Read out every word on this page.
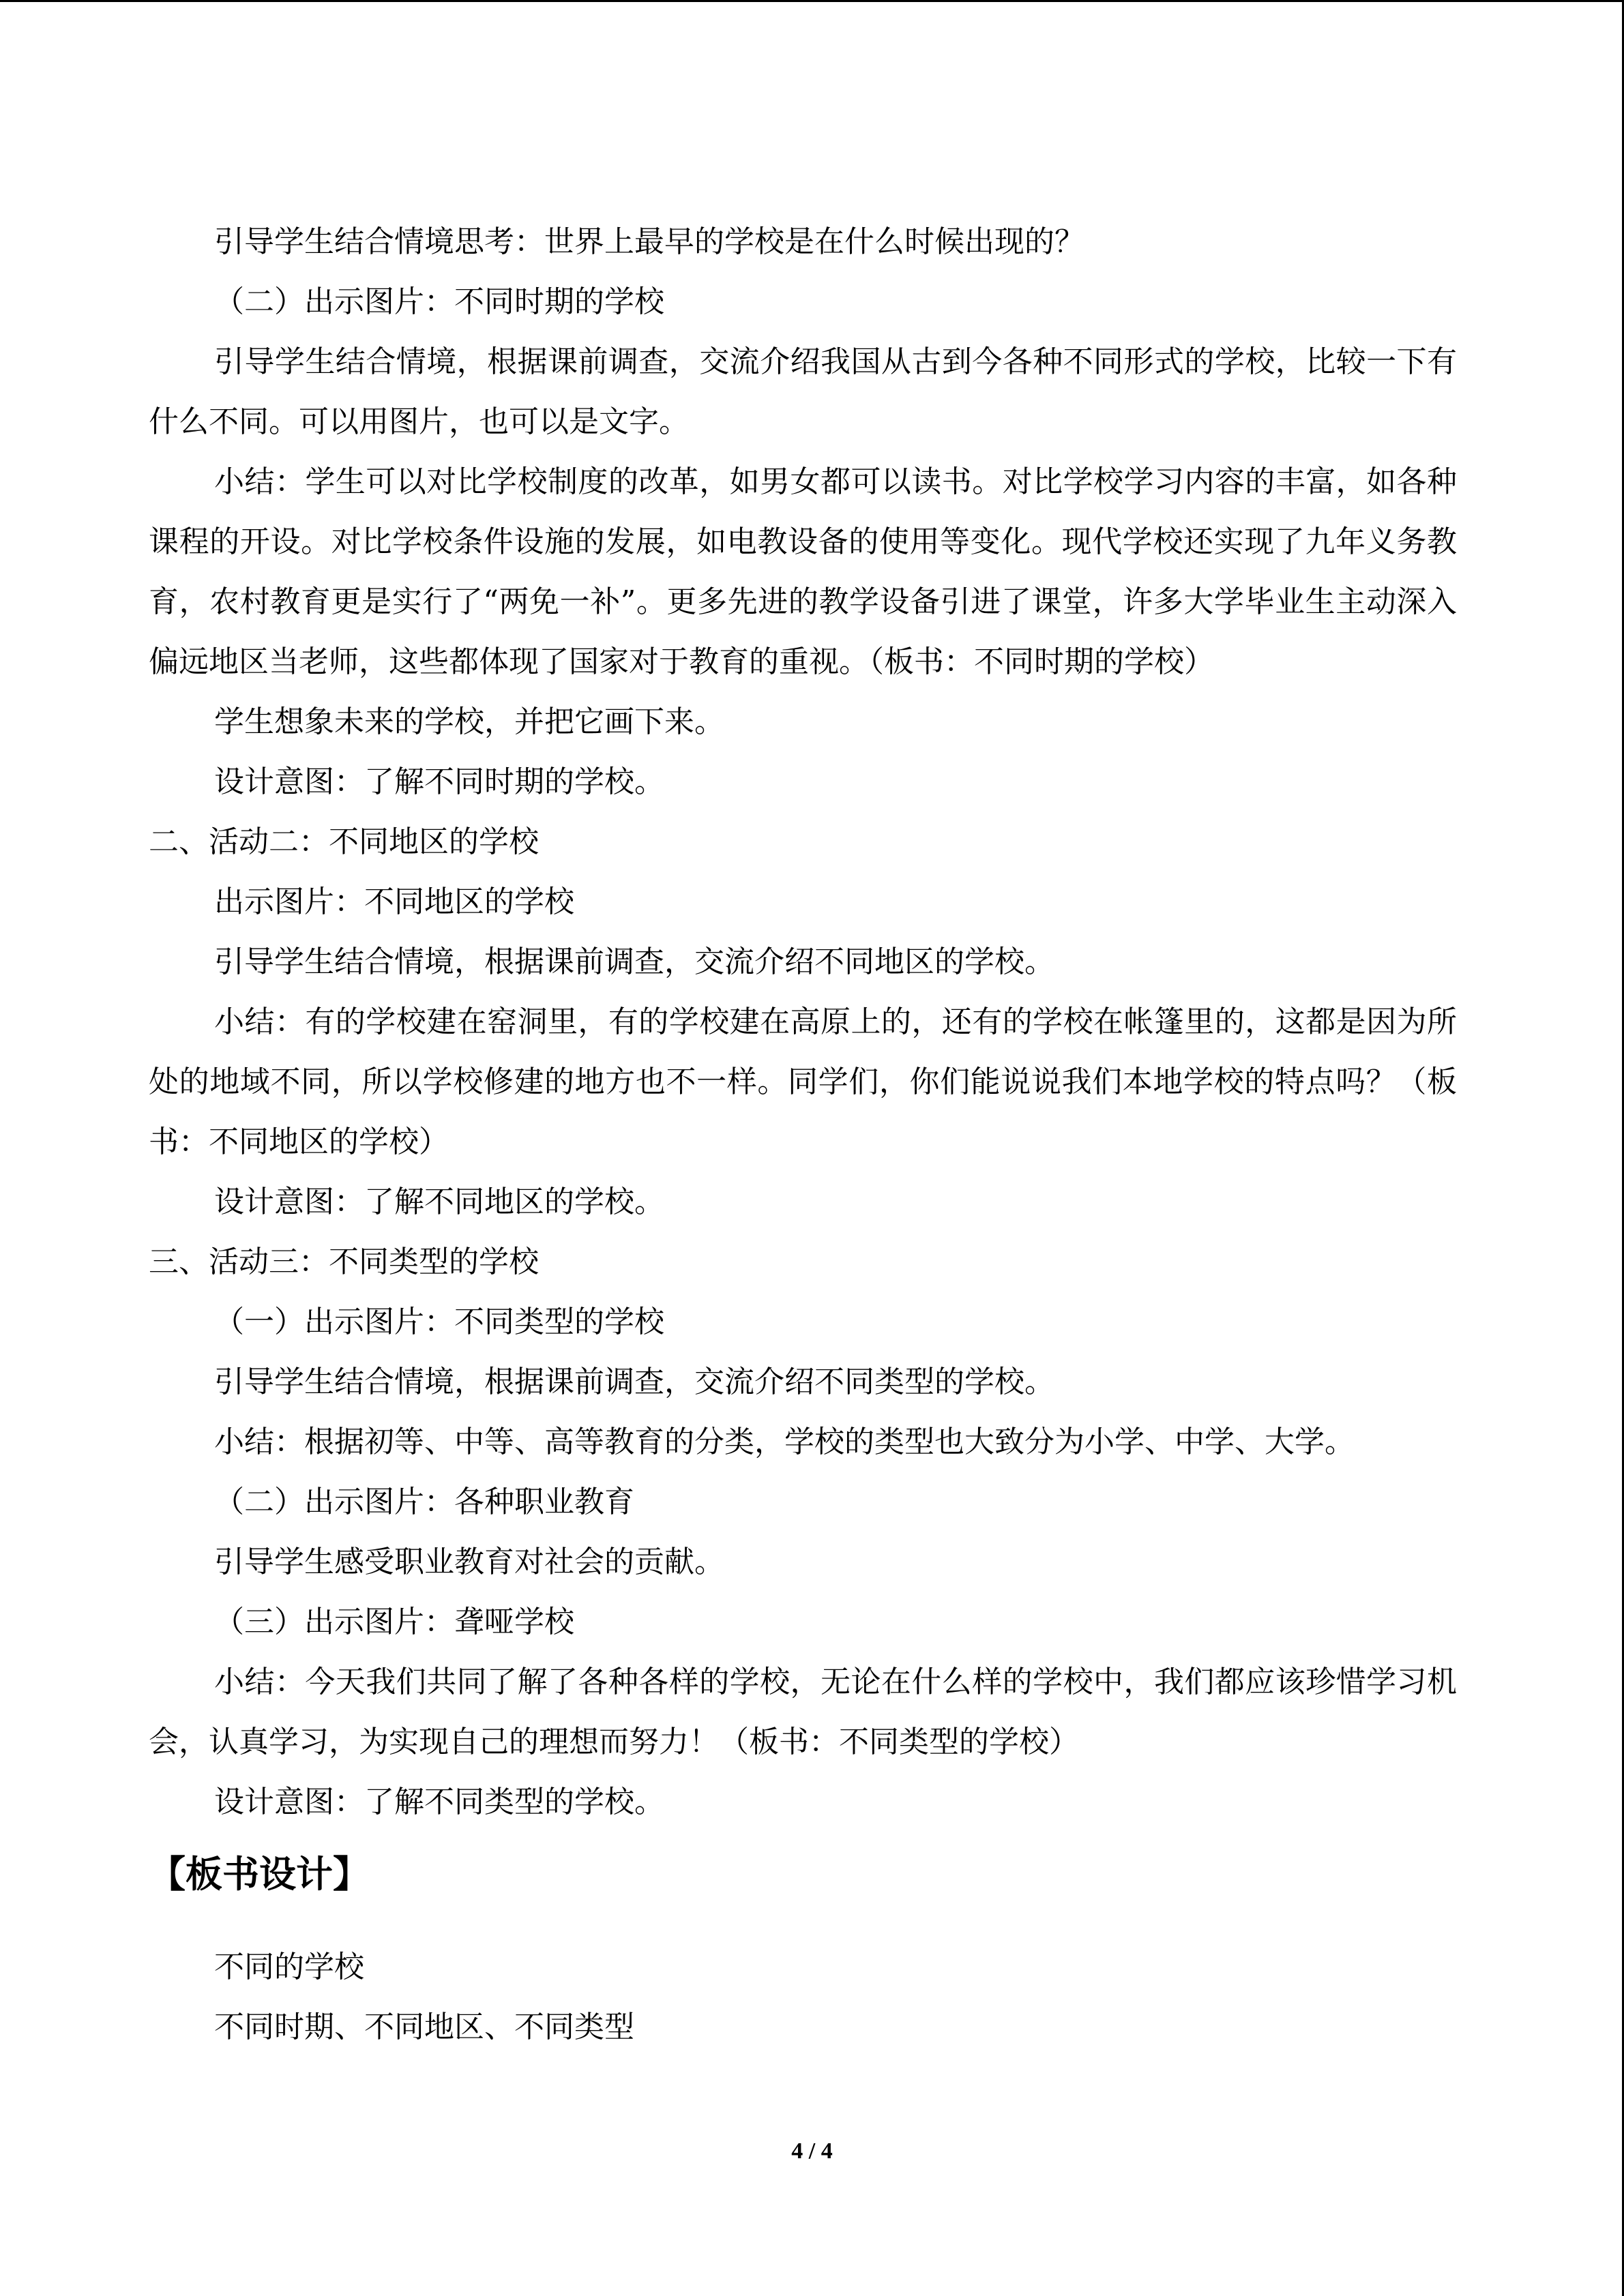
引导学生结合情境思考：世界上最早的学校是在什么时候出现的？

（二）出示图片：不同时期的学校

引导学生结合情境，根据课前调查，交流介绍我国从古到今各种不同形式的学校，比较一下有什么不同。可以用图片，也可以是文字。

小结：学生可以对比学校制度的改革，如男女都可以读书。对比学校学习内容的丰富，如各种课程的开设。对比学校条件设施的发展，如电教设备的使用等变化。现代学校还实现了九年义务教育，农村教育更是实行了“两免一补”。更多先进的教学设备引进了课堂，许多大学毕业生主动深入偏远地区当老师，这些都体现了国家对于教育的重视。（板书：不同时期的学校）

学生想象未来的学校，并把它画下来。

设计意图：了解不同时期的学校。

二、活动二：不同地区的学校

出示图片：不同地区的学校

引导学生结合情境，根据课前调查，交流介绍不同地区的学校。

小结：有的学校建在窑洞里，有的学校建在高原上的，还有的学校在帐篷里的，这都是因为所处的地域不同，所以学校修建的地方也不一样。同学们，你们能说说我们本地学校的特点吗？（板书：不同地区的学校）

设计意图：了解不同地区的学校。

三、活动三：不同类型的学校

（一）出示图片：不同类型的学校

引导学生结合情境，根据课前调查，交流介绍不同类型的学校。

小结：根据初等、中等、高等教育的分类，学校的类型也大致分为小学、中学、大学。

（二）出示图片：各种职业教育

引导学生感受职业教育对社会的贡献。

（三）出示图片：聋哑学校

小结：今天我们共同了解了各种各样的学校，无论在什么样的学校中，我们都应该珍惜学习机会，认真学习，为实现自己的理想而努力！（板书：不同类型的学校）

设计意图：了解不同类型的学校。

【板书设计】

不同的学校

不同时期、不同地区、不同类型

4 / 4
